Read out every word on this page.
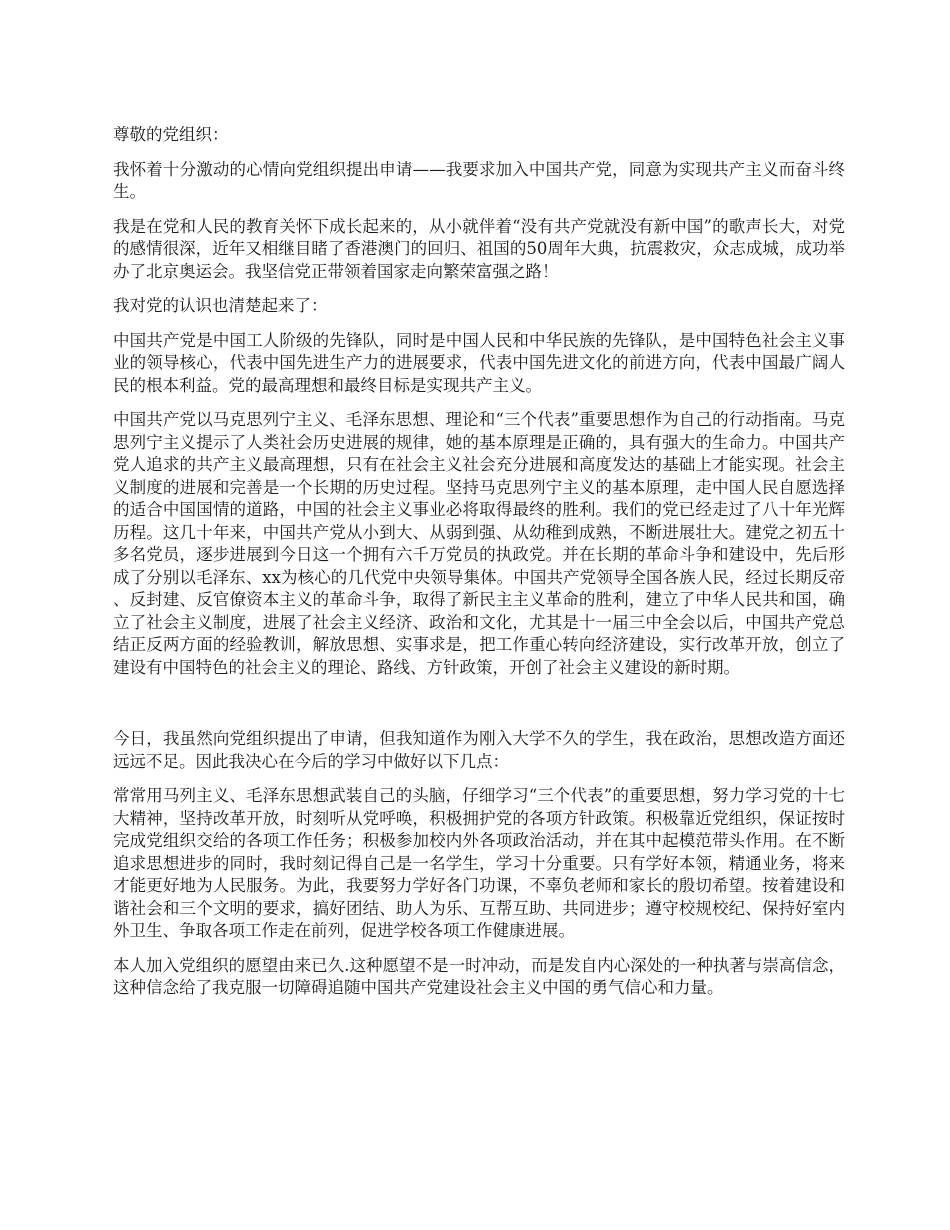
尊敬的党组织：

我怀着十分激动的心情向党组织提出申请——我要求加入中国共产党，同意为实现共产主义而奋斗终生。

我是在党和人民的教育关怀下成长起来的，从小就伴着“没有共产党就没有新中国”的歌声长大，对党的感情很深，近年又相继目睹了香港澳门的回归、祖国的50周年大典，抗震救灾，众志成城，成功举办了北京奥运会。我坚信党正带领着国家走向繁荣富强之路！

我对党的认识也清楚起来了：

中国共产党是中国工人阶级的先锋队，同时是中国人民和中华民族的先锋队，是中国特色社会主义事业的领导核心，代表中国先进生产力的进展要求，代表中国先进文化的前进方向，代表中国最广阔人民的根本利益。党的最高理想和最终目标是实现共产主义。

中国共产党以马克思列宁主义、毛泽东思想、理论和“三个代表”重要思想作为自己的行动指南。马克思列宁主义提示了人类社会历史进展的规律，她的基本原理是正确的，具有强大的生命力。中国共产党人追求的共产主义最高理想，只有在社会主义社会充分进展和高度发达的基础上才能实现。社会主义制度的进展和完善是一个长期的历史过程。坚持马克思列宁主义的基本原理，走中国人民自愿选择的适合中国国情的道路，中国的社会主义事业必将取得最终的胜利。我们的党已经走过了八十年光辉历程。这几十年来，中国共产党从小到大、从弱到强、从幼稚到成熟，不断进展壮大。建党之初五十多名党员，逐步进展到今日这一个拥有六千万党员的执政党。并在长期的革命斗争和建设中，先后形成了分别以毛泽东、xx为核心的几代党中央领导集体。中国共产党领导全国各族人民，经过长期反帝、反封建、反官僚资本主义的革命斗争，取得了新民主主义革命的胜利，建立了中华人民共和国，确立了社会主义制度，进展了社会主义经济、政治和文化，尤其是十一届三中全会以后，中国共产党总结正反两方面的经验教训，解放思想、实事求是，把工作重心转向经济建设，实行改革开放，创立了建设有中国特色的社会主义的理论、路线、方针政策，开创了社会主义建设的新时期。

今日，我虽然向党组织提出了申请，但我知道作为刚入大学不久的学生，我在政治，思想改造方面还远远不足。因此我决心在今后的学习中做好以下几点：

常常用马列主义、毛泽东思想武装自己的头脑，仔细学习“三个代表”的重要思想，努力学习党的十七大精神，坚持改革开放，时刻听从党呼唤，积极拥护党的各项方针政策。积极靠近党组织，保证按时完成党组织交给的各项工作任务；积极参加校内外各项政治活动，并在其中起模范带头作用。在不断追求思想进步的同时，我时刻记得自己是一名学生，学习十分重要。只有学好本领，精通业务，将来才能更好地为人民服务。为此，我要努力学好各门功课，不辜负老师和家长的殷切希望。按着建设和谐社会和三个文明的要求，搞好团结、助人为乐、互帮互助、共同进步；遵守校规校纪、保持好室内外卫生、争取各项工作走在前列，促进学校各项工作健康进展。

本人加入党组织的愿望由来已久.这种愿望不是一时冲动，而是发自内心深处的一种执著与崇高信念，这种信念给了我克服一切障碍追随中国共产党建设社会主义中国的勇气信心和力量。
